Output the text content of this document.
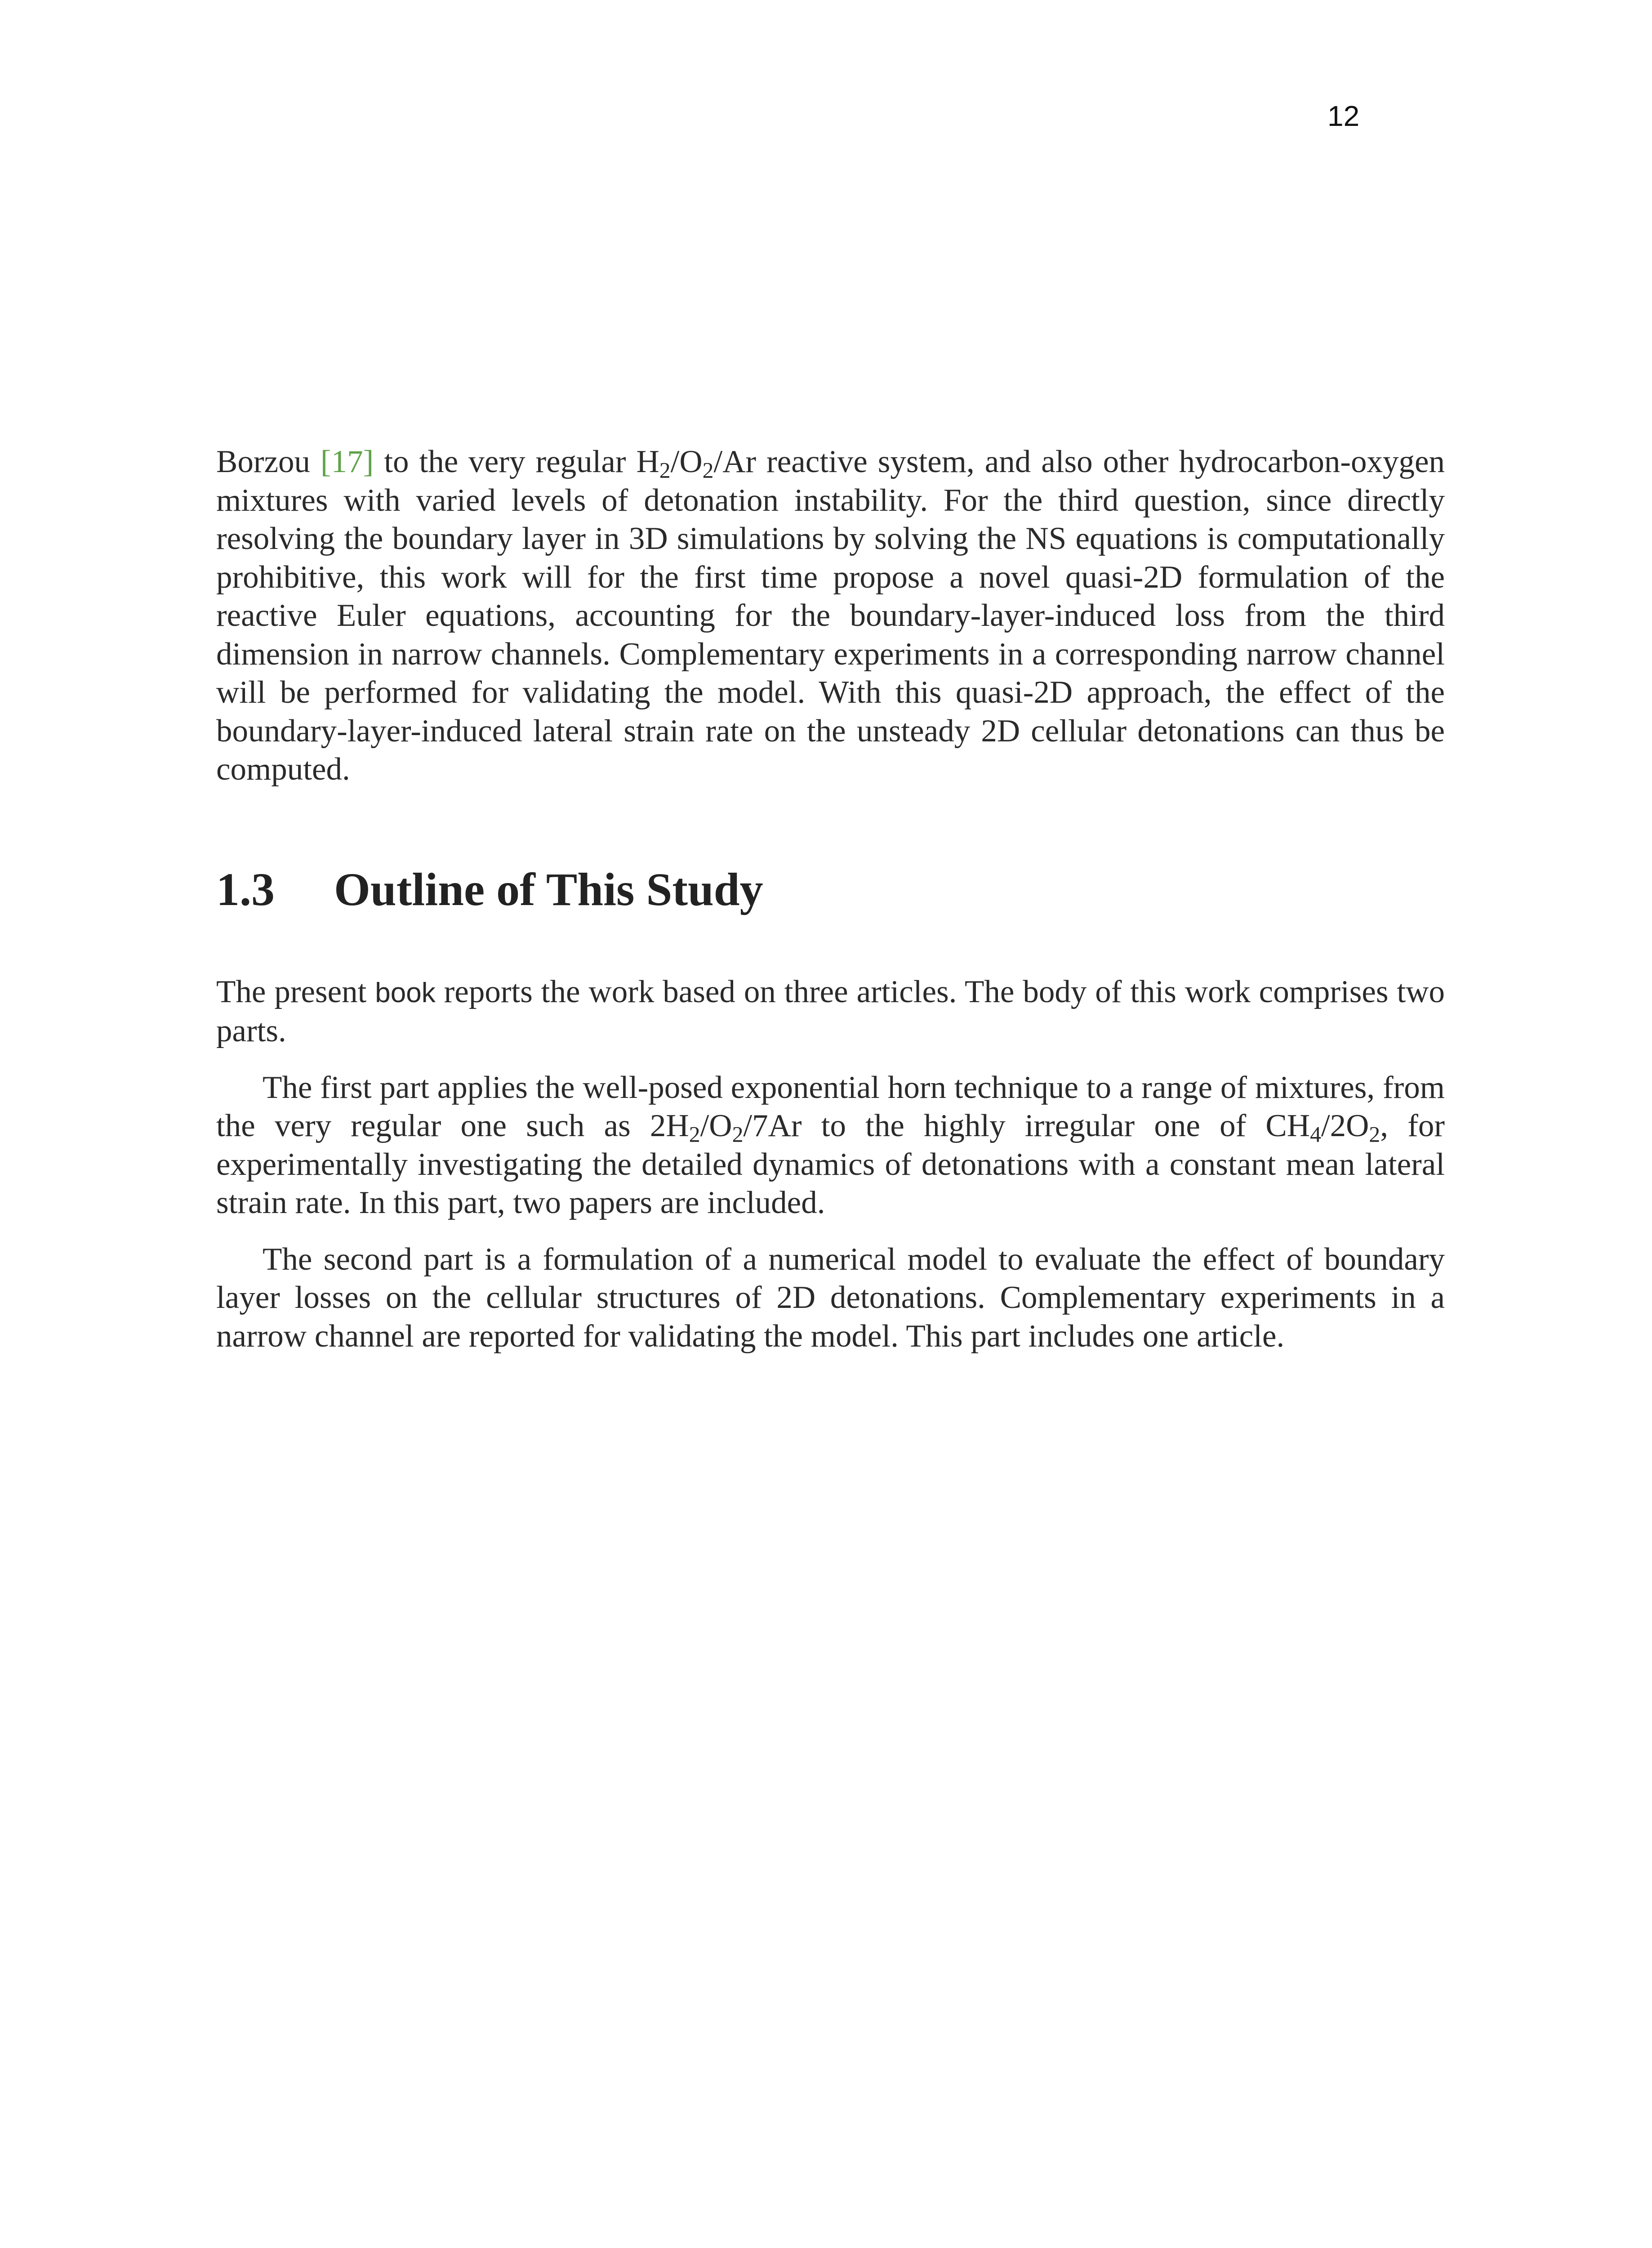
12

Borzou [17] to the very regular H2/O2/Ar reactive system, and also other hydrocarbon-oxygen mixtures with varied levels of detonation instability. For the third question, since directly resolving the boundary layer in 3D simulations by solving the NS equations is computationally prohibitive, this work will for the first time propose a novel quasi-2D formulation of the reactive Euler equations, accounting for the boundary-layer-induced loss from the third dimension in narrow channels. Complementary experiments in a corresponding narrow channel will be performed for validating the model. With this quasi-2D approach, the effect of the boundary-layer-induced lateral strain rate on the unsteady 2D cellular detonations can thus be computed.

1.3 Outline of This Study

The present book reports the work based on three articles. The body of this work comprises two parts.

The first part applies the well-posed exponential horn technique to a range of mixtures, from the very regular one such as 2H2/O2/7Ar to the highly irregular one of CH4/2O2, for experimentally investigating the detailed dynamics of detonations with a constant mean lateral strain rate. In this part, two papers are included.

The second part is a formulation of a numerical model to evaluate the effect of boundary layer losses on the cellular structures of 2D detonations. Complementary experiments in a narrow channel are reported for validating the model. This part includes one article.
